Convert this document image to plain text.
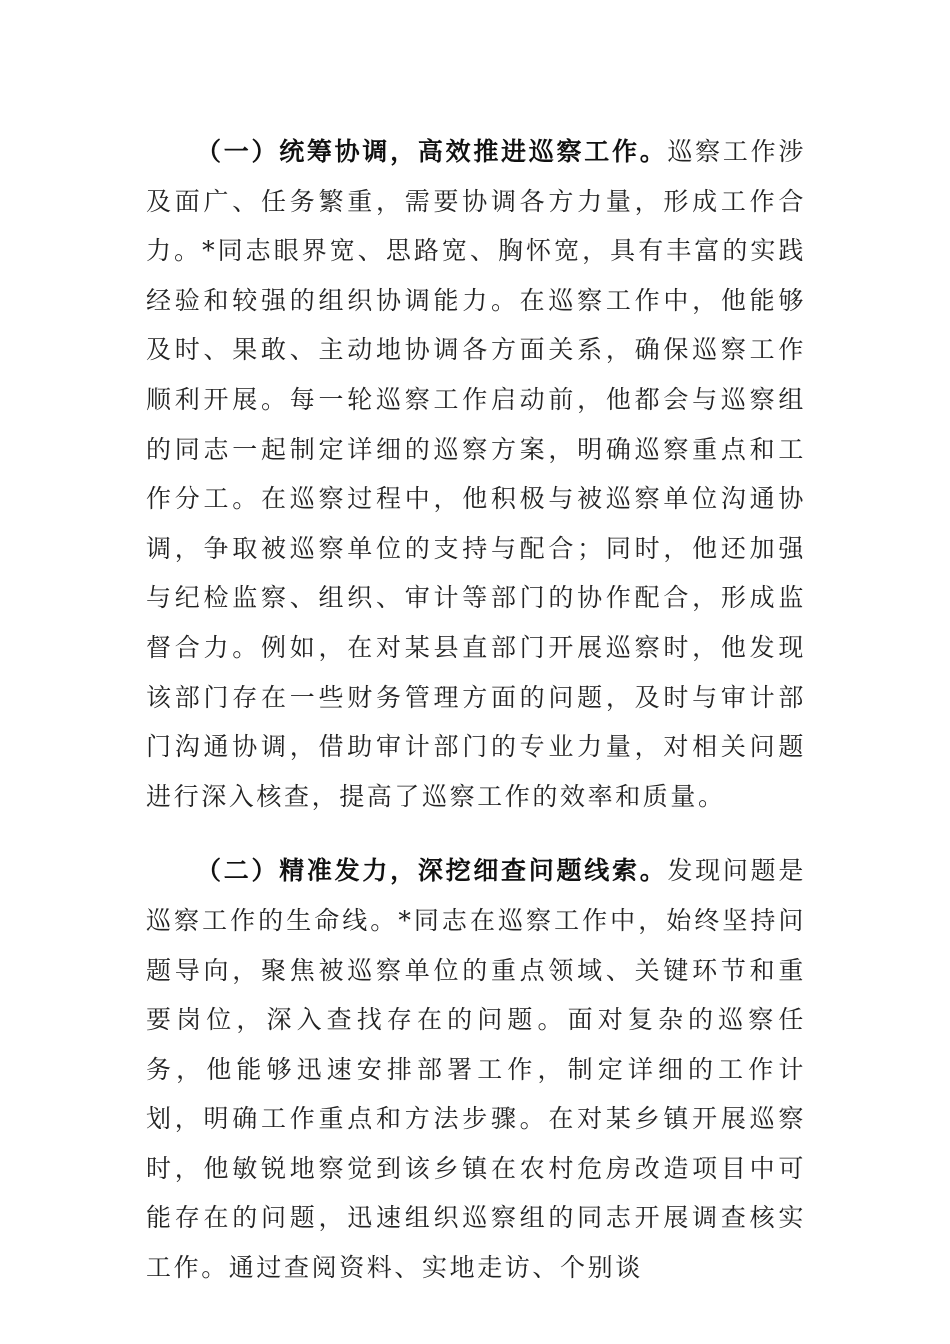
（一）统筹协调，高效推进巡察工作。巡察工作涉及面广、任务繁重，需要协调各方力量，形成工作合力。*同志眼界宽、思路宽、胸怀宽，具有丰富的实践经验和较强的组织协调能力。在巡察工作中，他能够及时、果敢、主动地协调各方面关系，确保巡察工作顺利开展。每一轮巡察工作启动前，他都会与巡察组的同志一起制定详细的巡察方案，明确巡察重点和工作分工。在巡察过程中，他积极与被巡察单位沟通协调，争取被巡察单位的支持与配合；同时，他还加强与纪检监察、组织、审计等部门的协作配合，形成监督合力。例如，在对某县直部门开展巡察时，他发现该部门存在一些财务管理方面的问题，及时与审计部门沟通协调，借助审计部门的专业力量，对相关问题进行深入核查，提高了巡察工作的效率和质量。

（二）精准发力，深挖细查问题线索。发现问题是巡察工作的生命线。*同志在巡察工作中，始终坚持问题导向，聚焦被巡察单位的重点领域、关键环节和重要岗位，深入查找存在的问题。面对复杂的巡察任务，他能够迅速安排部署工作，制定详细的工作计划，明确工作重点和方法步骤。在对某乡镇开展巡察时，他敏锐地察觉到该乡镇在农村危房改造项目中可能存在的问题，迅速组织巡察组的同志开展调查核实工作。通过查阅资料、实地走访、个别谈
